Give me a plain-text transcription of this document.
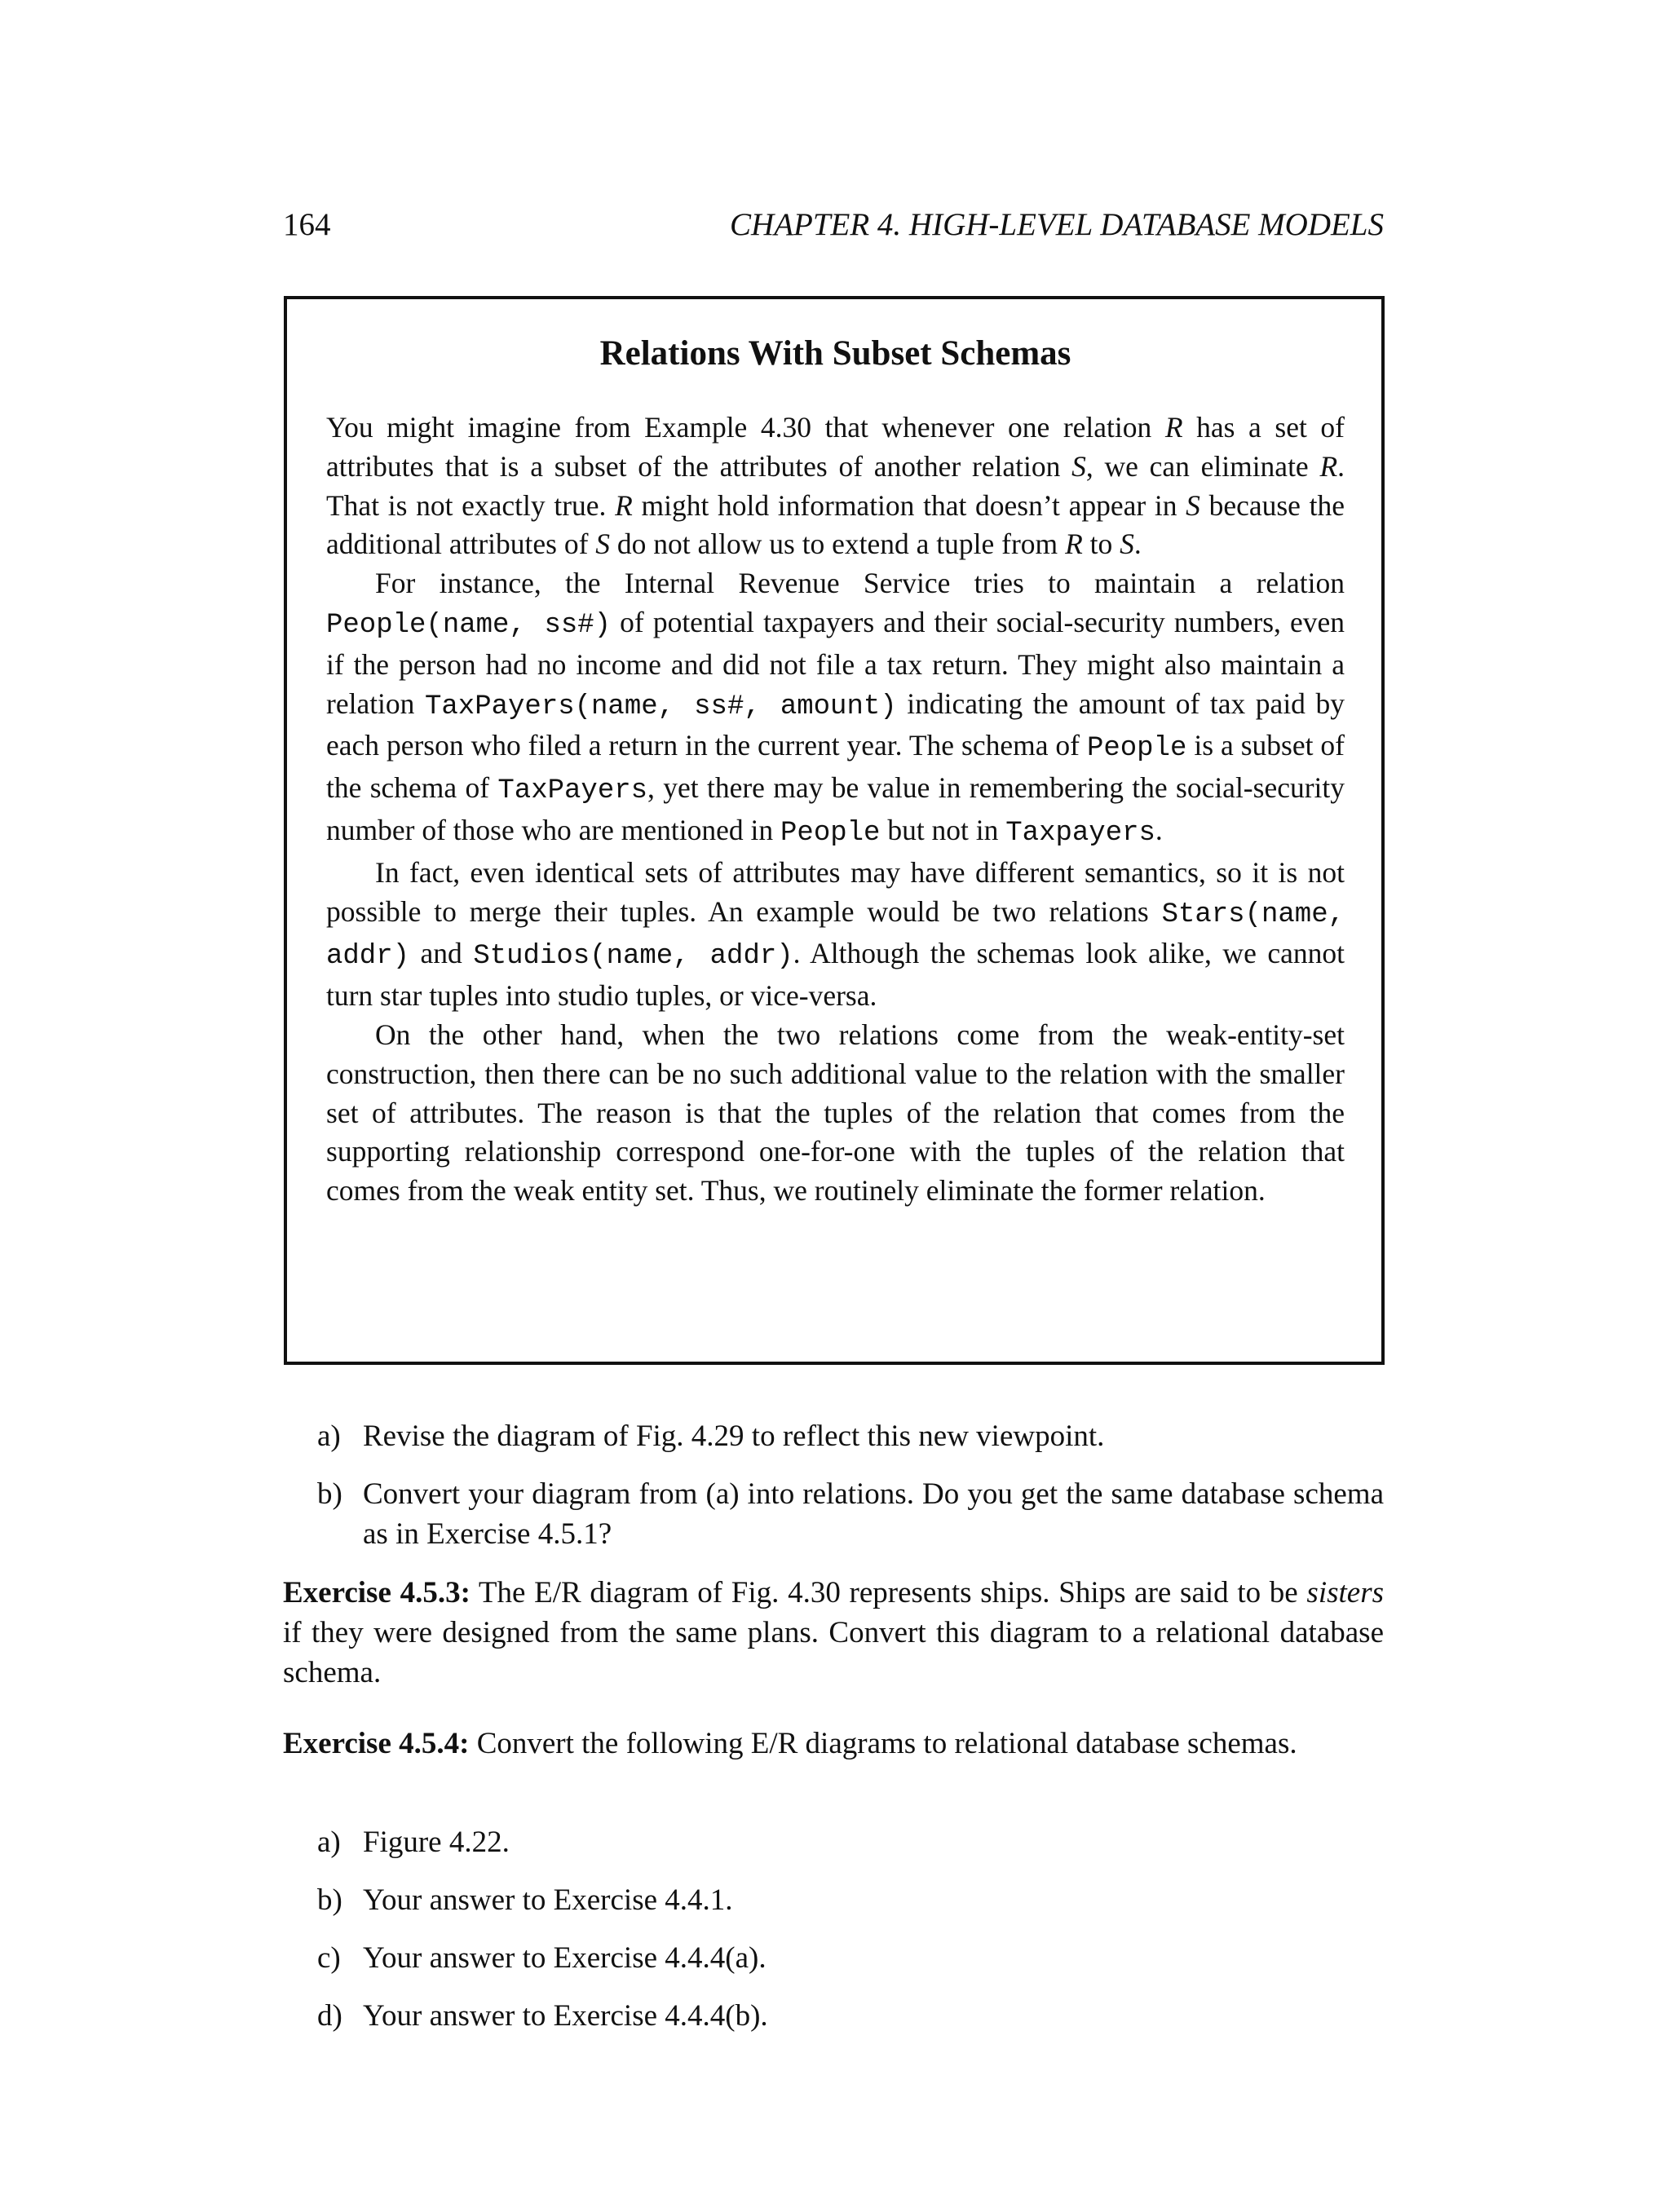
164	CHAPTER 4. HIGH-LEVEL DATABASE MODELS
Relations With Subset Schemas

You might imagine from Example 4.30 that whenever one relation R has a set of attributes that is a subset of the attributes of another relation S, we can eliminate R. That is not exactly true. R might hold information that doesn’t appear in S because the additional attributes of S do not allow us to extend a tuple from R to S.

For instance, the Internal Revenue Service tries to maintain a relation People(name, ss#) of potential taxpayers and their social-security numbers, even if the person had no income and did not file a tax return. They might also maintain a relation TaxPayers(name, ss#, amount) indicating the amount of tax paid by each person who filed a return in the current year. The schema of People is a subset of the schema of TaxPayers, yet there may be value in remembering the social-security number of those who are mentioned in People but not in Taxpayers.

In fact, even identical sets of attributes may have different semantics, so it is not possible to merge their tuples. An example would be two relations Stars(name, addr) and Studios(name, addr). Although the schemas look alike, we cannot turn star tuples into studio tuples, or vice-versa.

On the other hand, when the two relations come from the weak-entity-set construction, then there can be no such additional value to the relation with the smaller set of attributes. The reason is that the tuples of the relation that comes from the supporting relationship correspond one-for-one with the tuples of the relation that comes from the weak entity set. Thus, we routinely eliminate the former relation.

a) Revise the diagram of Fig. 4.29 to reflect this new viewpoint.
b) Convert your diagram from (a) into relations. Do you get the same database schema as in Exercise 4.5.1?
Exercise 4.5.3: The E/R diagram of Fig. 4.30 represents ships. Ships are said to be sisters if they were designed from the same plans. Convert this diagram to a relational database schema.
Exercise 4.5.4: Convert the following E/R diagrams to relational database schemas.
a) Figure 4.22.
b) Your answer to Exercise 4.4.1.
c) Your answer to Exercise 4.4.4(a).
d) Your answer to Exercise 4.4.4(b).
